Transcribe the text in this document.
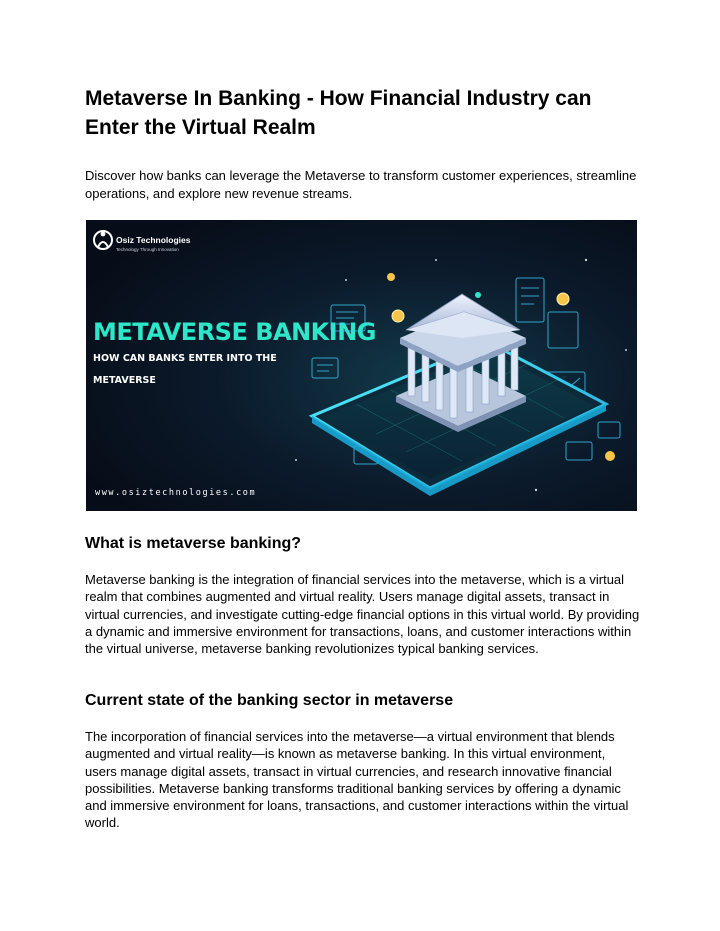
Metaverse In Banking - How Financial Industry can Enter the Virtual Realm

Discover how banks can leverage the Metaverse to transform customer experiences, streamline operations, and explore new revenue streams.

Osiz Technologies
Technology Through Innovation
METAVERSE BANKING
HOW CAN BANKS ENTER INTO THE
METAVERSE
www.osiztechnologies.com
What is metaverse banking?

Metaverse banking is the integration of financial services into the metaverse, which is a virtual realm that combines augmented and virtual reality. Users manage digital assets, transact in virtual currencies, and investigate cutting-edge financial options in this virtual world. By providing a dynamic and immersive environment for transactions, loans, and customer interactions within the virtual universe, metaverse banking revolutionizes typical banking services.

Current state of the banking sector in metaverse

The incorporation of financial services into the metaverse—a virtual environment that blends augmented and virtual reality—is known as metaverse banking. In this virtual environment, users manage digital assets, transact in virtual currencies, and research innovative financial possibilities. Metaverse banking transforms traditional banking services by offering a dynamic and immersive environment for loans, transactions, and customer interactions within the virtual world.
